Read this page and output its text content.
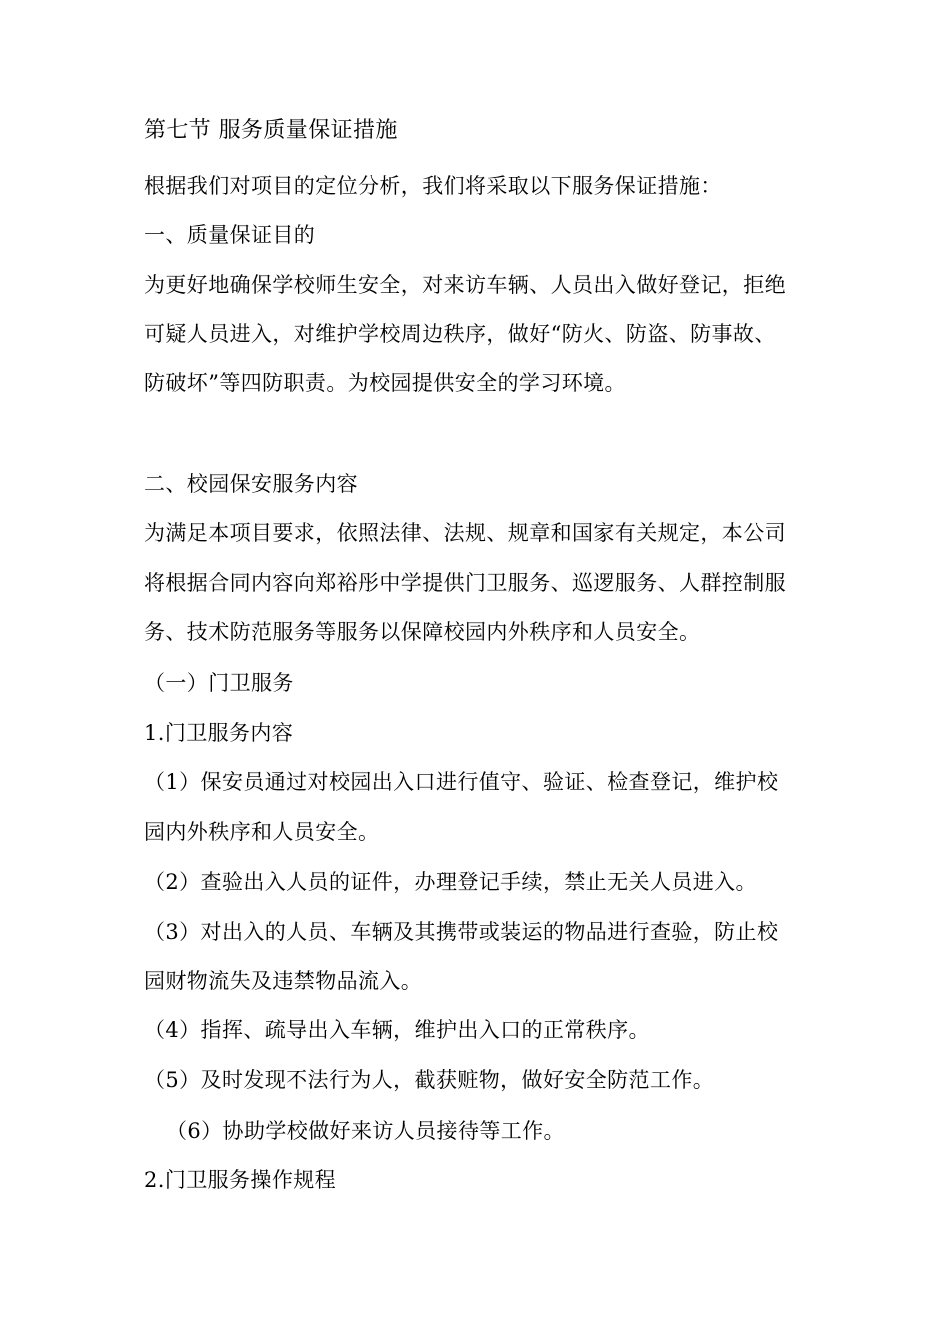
第七节 服务质量保证措施

根据我们对项目的定位分析，我们将采取以下服务保证措施：

一、质量保证目的

为更好地确保学校师生安全，对来访车辆、人员出入做好登记，拒绝

可疑人员进入，对维护学校周边秩序，做好“防火、防盗、防事故、

防破坏”等四防职责。为校园提供安全的学习环境。

二、校园保安服务内容

为满足本项目要求，依照法律、法规、规章和国家有关规定，本公司

将根据合同内容向郑裕彤中学提供门卫服务、巡逻服务、人群控制服

务、技术防范服务等服务以保障校园内外秩序和人员安全。

（一）门卫服务

1.门卫服务内容

（1）保安员通过对校园出入口进行值守、验证、检查登记，维护校

园内外秩序和人员安全。

（2）查验出入人员的证件，办理登记手续，禁止无关人员进入。

（3）对出入的人员、车辆及其携带或装运的物品进行查验，防止校

园财物流失及违禁物品流入。

（4）指挥、疏导出入车辆，维护出入口的正常秩序。

（5）及时发现不法行为人，截获赃物，做好安全防范工作。

（6）协助学校做好来访人员接待等工作。

2.门卫服务操作规程
